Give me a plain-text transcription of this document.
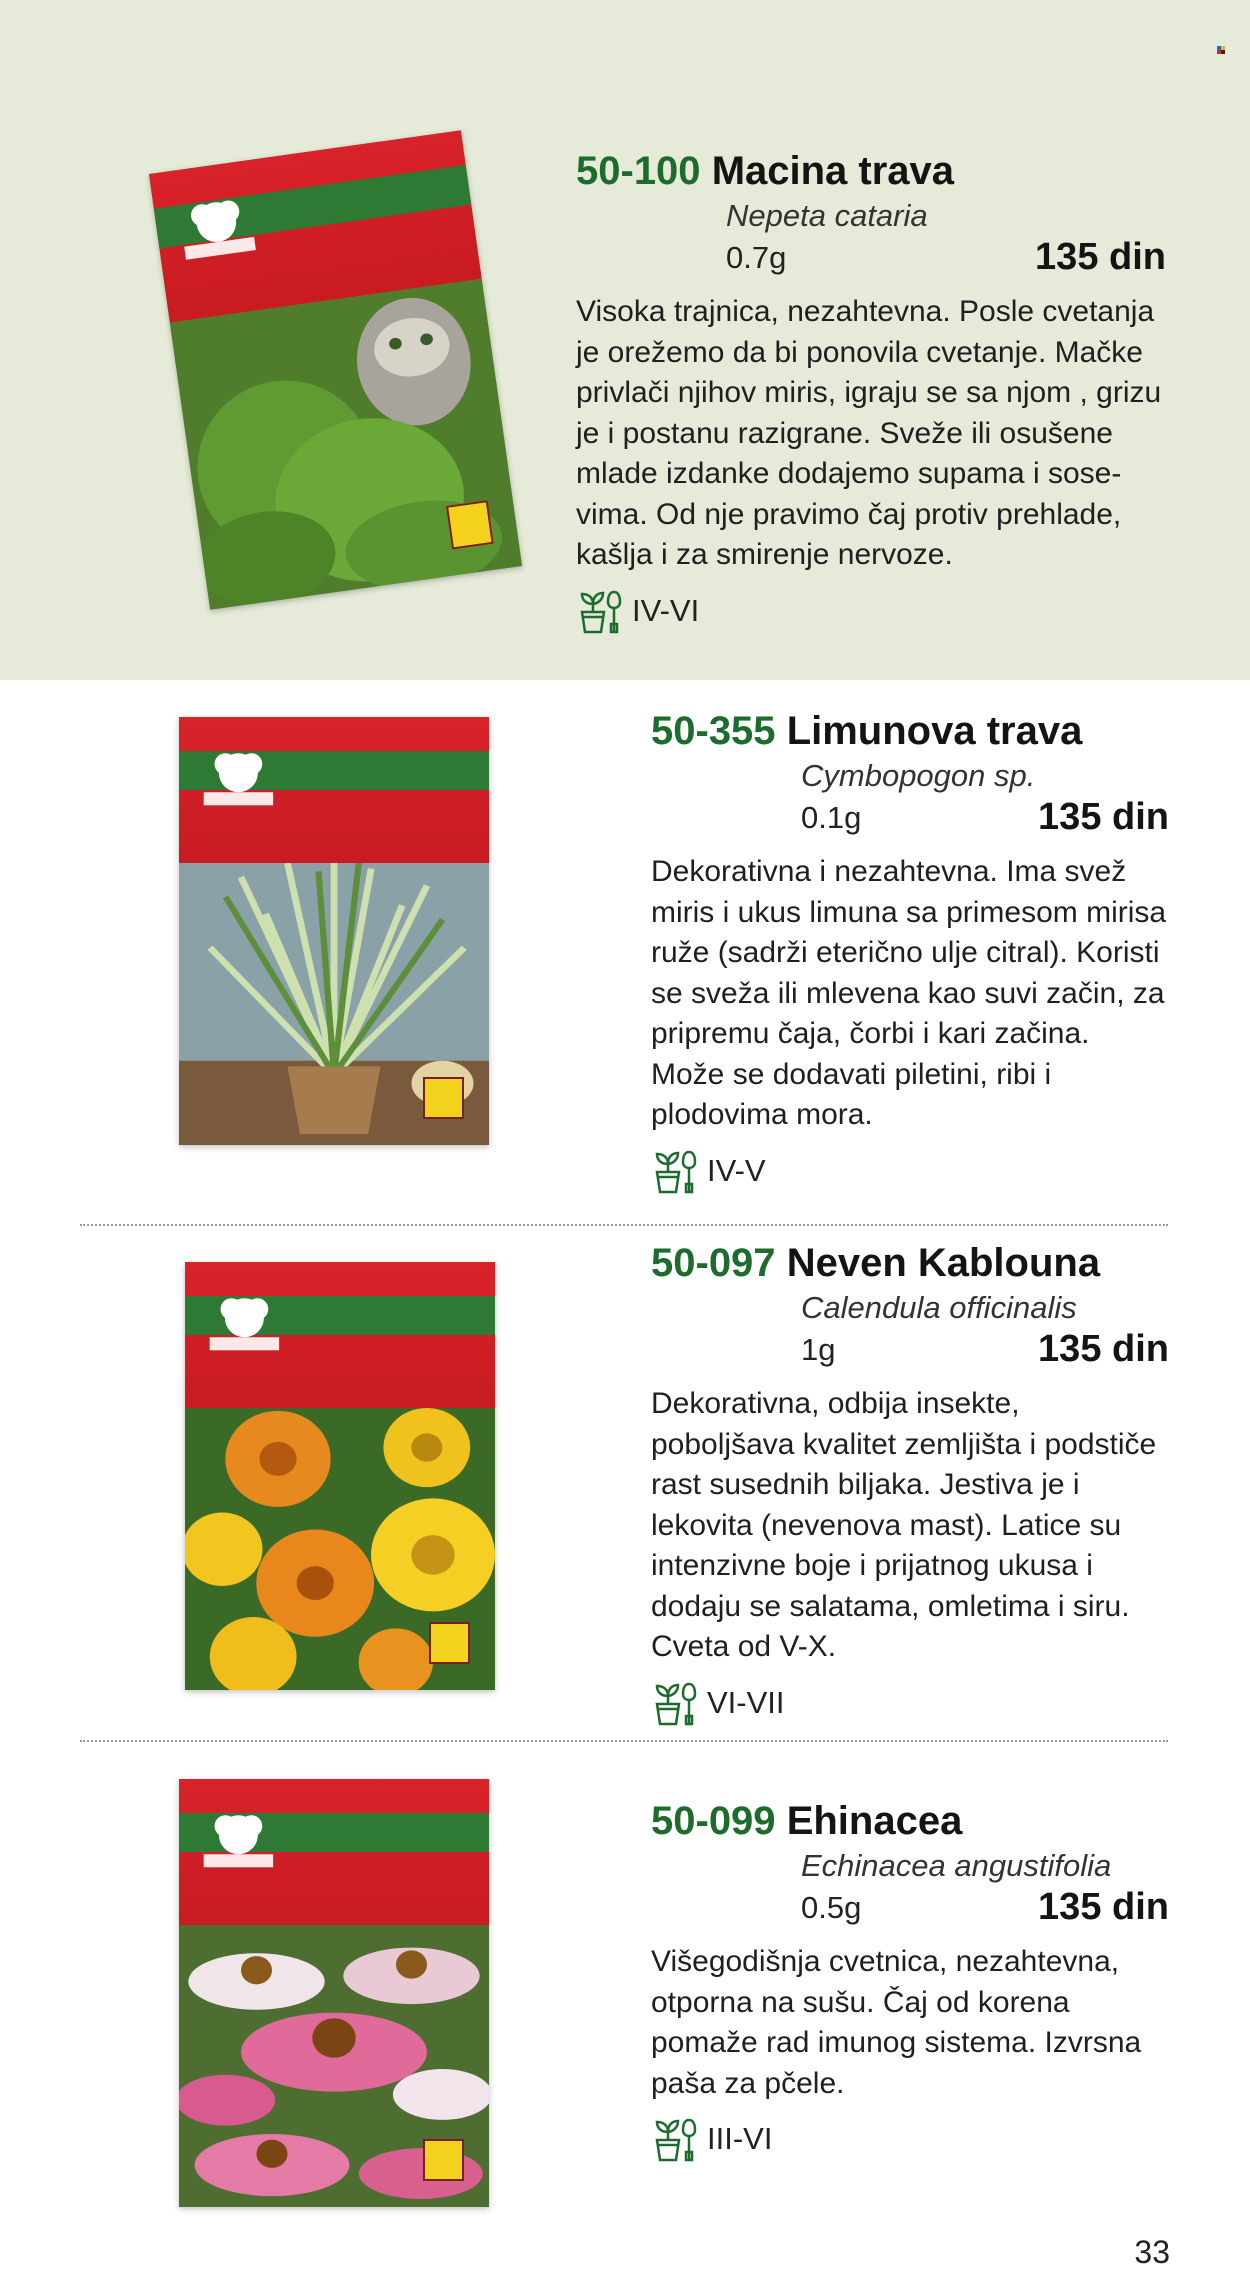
50-100 Macina trava
Nepeta cataria
0.7g	135 din
Visoka trajnica, nezahtevna. Posle cvetanja je orežemo da bi ponovila cvetanje. Mačke privlači njihov miris, igraju se sa njom , grizu je i postanu razigrane. Sveže ili osušene mlade izdanke dodajemo supama i sose- vima. Od nje pravimo čaj protiv prehlade, kašlja i za smirenje nervoze.
IV-VI
50-355 Limunova trava
Cymbopogon sp.
0.1g	135 din
Dekorativna i nezahtevna. Ima svež miris i ukus limuna sa primesom mirisa ruže (sadrži eterično ulje citral). Koristi se sveža ili mlevena kao suvi začin, za pripremu čaja, čorbi i kari začina. Može se dodavati piletini, ribi i plodovima mora.
IV-V
50-097 Neven Kablouna
Calendula officinalis
1g	135 din
Dekorativna, odbija insekte, poboljšava kvalitet zemljišta i podstiče rast susednih biljaka. Jestiva je i lekovita (nevenova mast). Latice su intenzivne boje i prijatnog ukusa i dodaju se salatama, omletima i siru. Cveta od V-X.
VI-VII
50-099 Ehinacea
Echinacea angustifolia
0.5g	135 din
Višegodišnja cvetnica, nezahtevna, otporna na sušu. Čaj od korena pomaže rad imunog sistema. Izvrsna paša za pčele.
III-VI
33
